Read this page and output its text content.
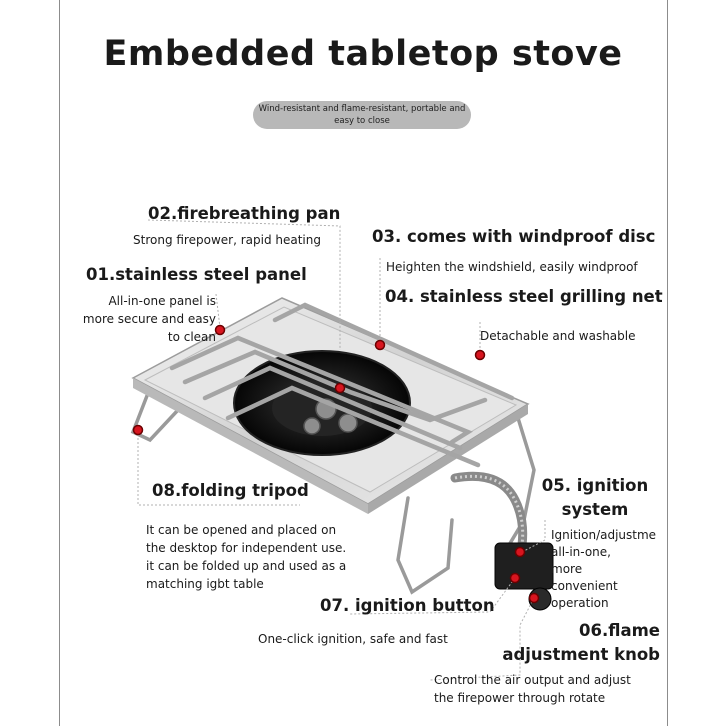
Embedded tabletop stove
Wind-resistant and flame-resistant, portable and easy to close
02.firebreathing pan
Strong firepower, rapid heating	03. comes with windproof disc
Heighten the windshield, easily windproof
01.stainless steel panel
All-in-one panel is
more secure and easy
to clean
04. stainless steel grilling net
Detachable and washable
08.folding tripod
It can be opened and placed on
the desktop for independent use.
it can be folded up and used as a
matching igbt table
05. ignition
system
Ignition/adjustme
all-in-one,
more
convenient
operation
07. ignition button
One-click ignition, safe and fast	06.flame
adjustment knob
Control the air output and adjust
the firepower through rotate
